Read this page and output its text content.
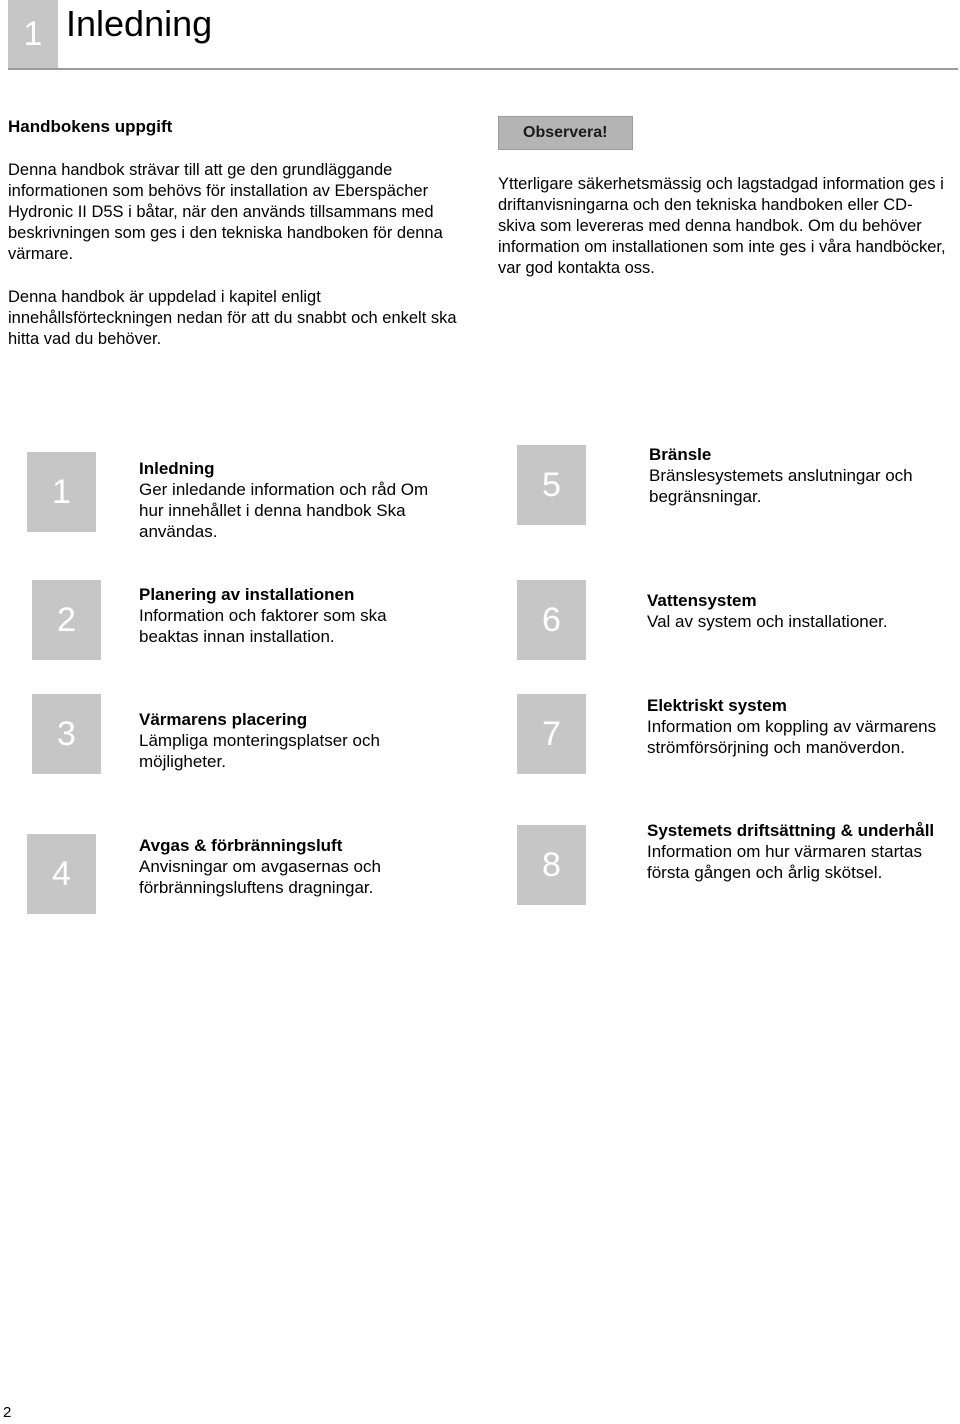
1 Inledning
Handbokens uppgift
Denna handbok strävar till att ge den grundläggande informationen som behövs för installation av Eberspächer Hydronic II D5S i båtar, när den används tillsammans med beskrivningen som ges i den tekniska handboken för denna värmare.
Denna handbok är uppdelad i kapitel enligt innehållsförteckningen nedan för att du snabbt och enkelt ska hitta vad du behöver.
Observera!
Ytterligare säkerhetsmässig och lagstadgad information ges i driftanvisningarna och den tekniska handboken eller CD-skiva som levereras med denna handbok. Om du behöver information om installationen som inte ges i våra handböcker, var god kontakta oss.
1
Inledning
Ger inledande information och råd Om hur innehållet i denna handbok Ska användas.
2
Planering av installationen
Information och faktorer som ska beaktas innan installation.
3	Värmarens placering
Lämpliga monteringsplatser och möjligheter.
4
Avgas & förbränningsluft
Anvisningar om avgasernas och förbränningsluftens dragningar.
5
Bränsle
Bränslesystemets anslutningar och begränsningar.
6	Vattensystem
Val av system och installationer.
7
Elektriskt system
Information om koppling av värmarens strömförsörjning och manöverdon.
8
Systemets driftsättning & underhåll
Information om hur värmaren startas första gången och årlig skötsel.
2
